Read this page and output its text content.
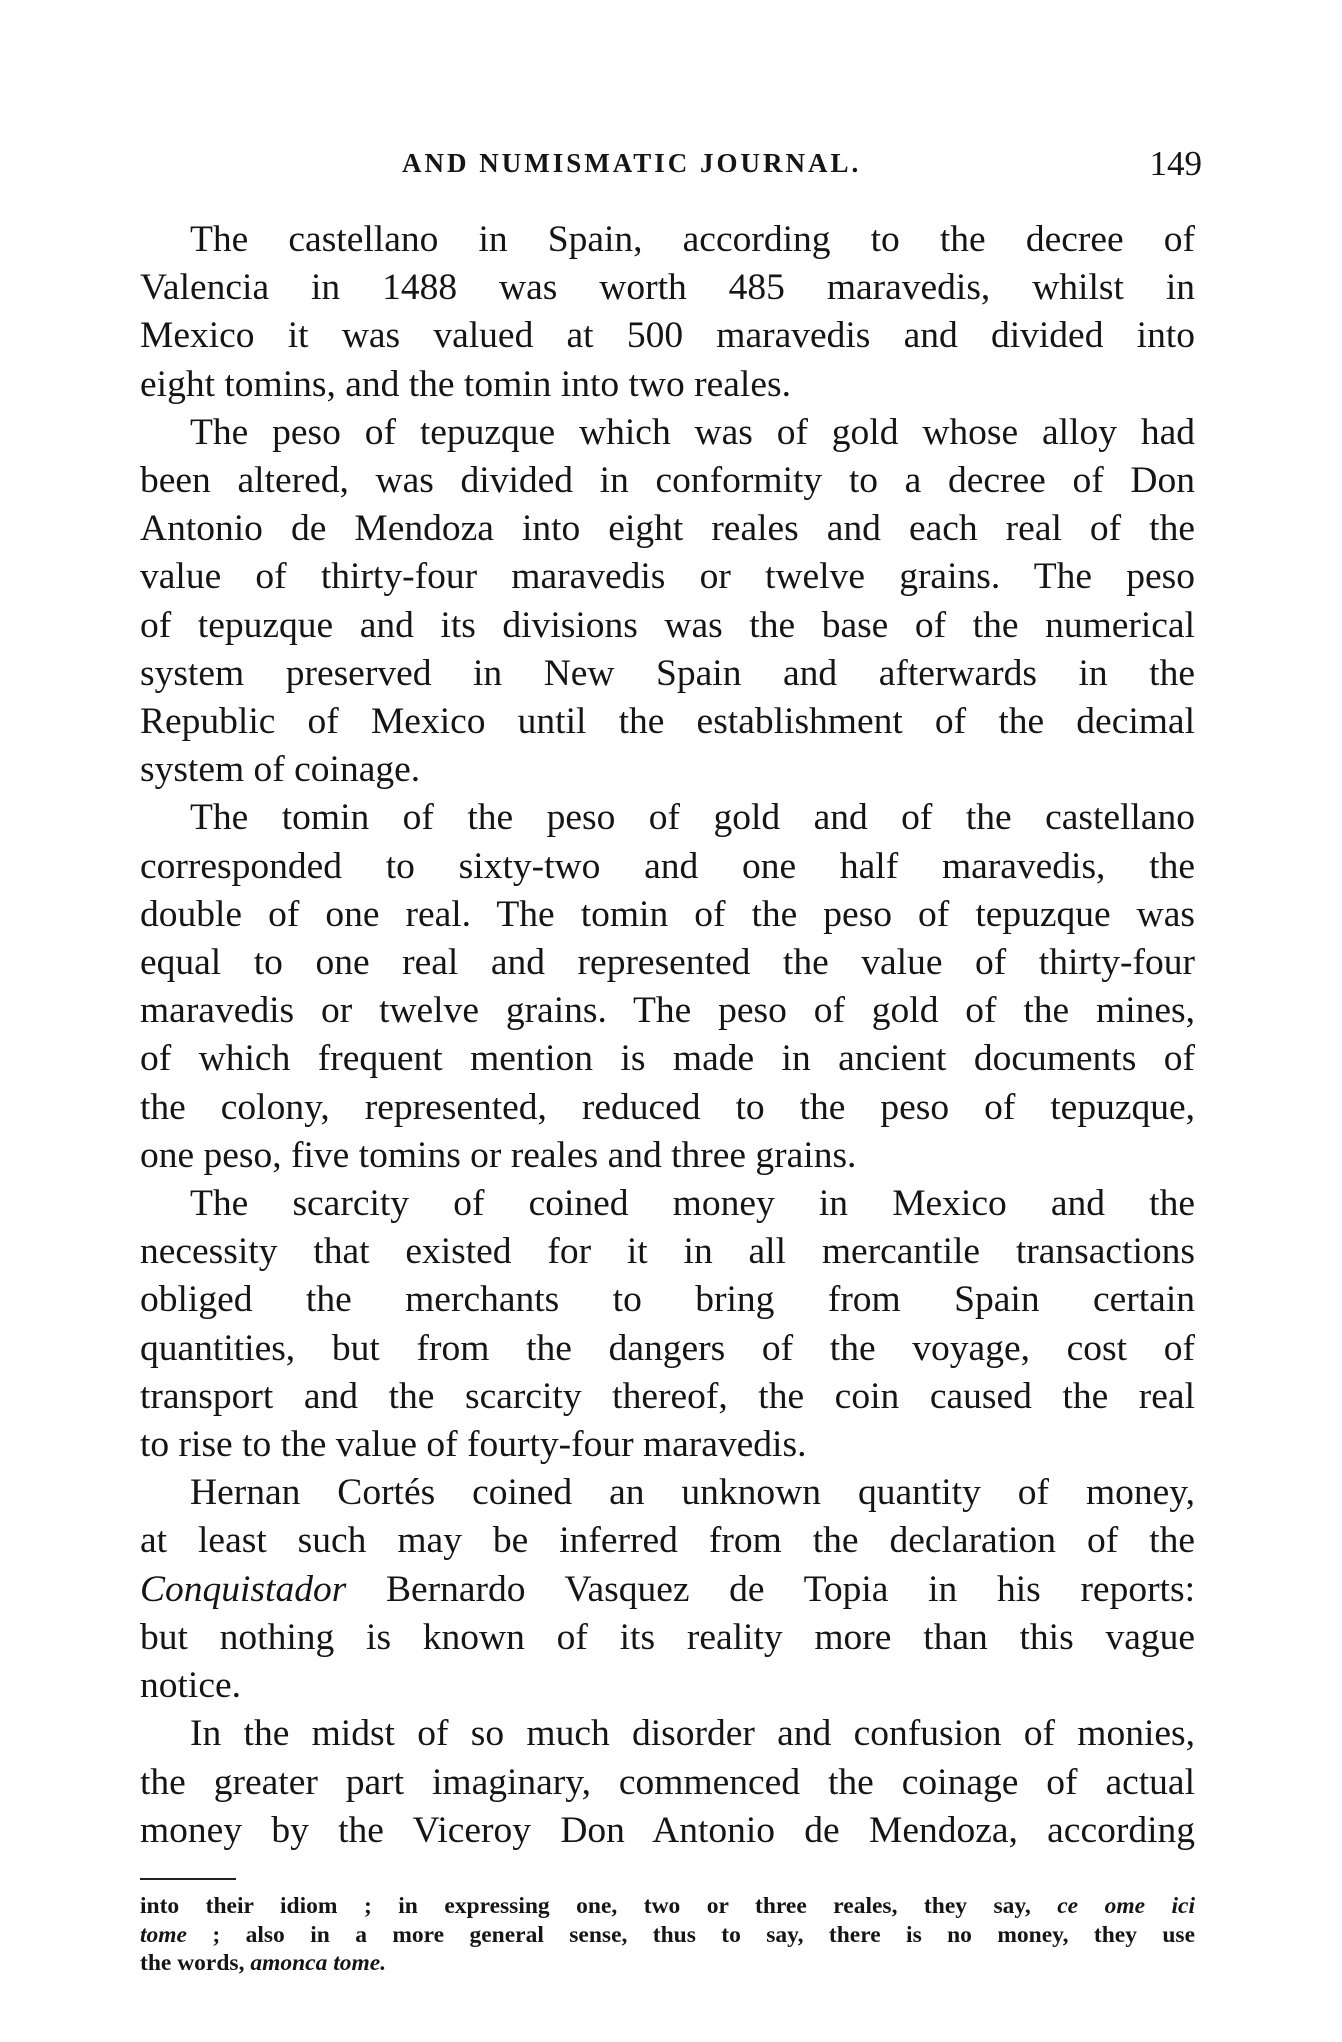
AND NUMISMATIC JOURNAL.	149

The castellano in Spain, according to the decree of
Valencia in 1488 was worth 485 maravedis, whilst in
Mexico it was valued at 500 maravedis and divided into
eight tomins, and the tomin into two reales.

The peso of tepuzque which was of gold whose alloy had
been altered, was divided in conformity to a decree of Don
Antonio de Mendoza into eight reales and each real of the
value of thirty-four maravedis or twelve grains. The peso
of tepuzque and its divisions was the base of the numerical
system preserved in New Spain and afterwards in the
Republic of Mexico until the establishment of the decimal
system of coinage.

The tomin of the peso of gold and of the castellano
corresponded to sixty-two and one half maravedis, the
double of one real. The tomin of the peso of tepuzque was
equal to one real and represented the value of thirty-four
maravedis or twelve grains. The peso of gold of the mines,
of which frequent mention is made in ancient documents of
the colony, represented, reduced to the peso of tepuzque,
one peso, five tomins or reales and three grains.

The scarcity of coined money in Mexico and the
necessity that existed for it in all mercantile transactions
obliged the merchants to bring from Spain certain
quantities, but from the dangers of the voyage, cost of
transport and the scarcity thereof, the coin caused the real
to rise to the value of fourty-four maravedis.

Hernan Cortés coined an unknown quantity of money,
at least such may be inferred from the declaration of the
Conquistador Bernardo Vasquez de Topia in his reports:
but nothing is known of its reality more than this vague
notice.

In the midst of so much disorder and confusion of monies,
the greater part imaginary, commenced the coinage of actual
money by the Viceroy Don Antonio de Mendoza, according

into their idiom ; in expressing one, two or three reales, they say, ce ome ici
tome ; also in a more general sense, thus to say, there is no money, they use
the words, amonca tome.
